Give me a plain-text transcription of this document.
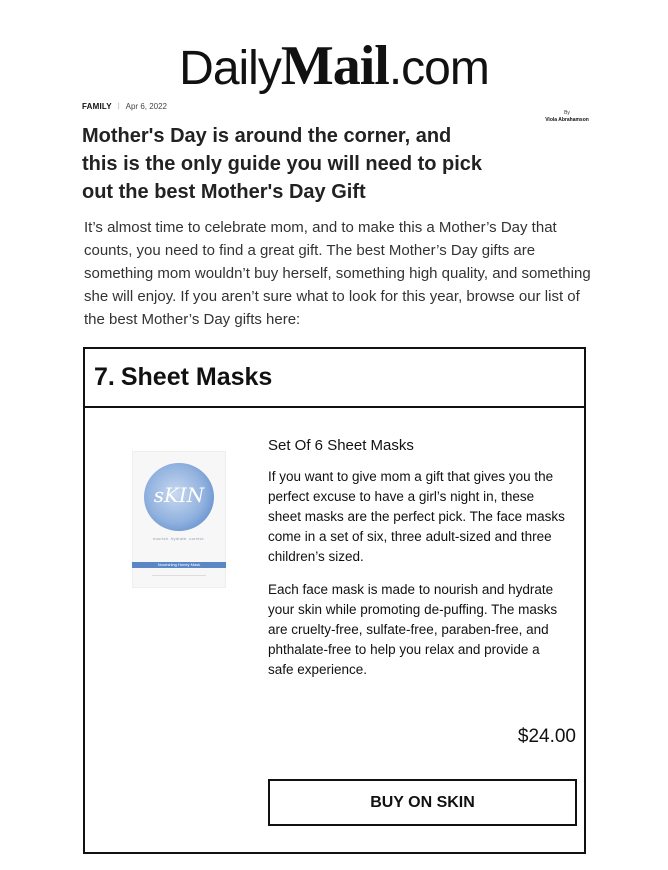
DailyMail.com
FAMILY | Apr 6, 2022
By
Viola Abrahamson
Mother's Day is around the corner, and this is the only guide you will need to pick out the best Mother's Day Gift

It’s almost time to celebrate mom, and to make this a Mother’s Day that counts, you need to find a great gift. The best Mother’s Day gifts are something mom wouldn’t buy herself, something high quality, and something she will enjoy. If you aren’t sure what to look for this year, browse our list of the best Mother’s Day gifts here:

7. Sheet Masks
sKIN
nourish. hydrate. correct.
Nourishing Honey Mask
Set Of 6 Sheet Masks

If you want to give mom a gift that gives you the perfect excuse to have a girl’s night in, these sheet masks are the perfect pick. The face masks come in a set of six, three adult-sized and three children’s sized.

Each face mask is made to nourish and hydrate your skin while promoting de-puffing. The masks are cruelty-free, sulfate-free, paraben-free, and phthalate-free to help you relax and provide a safe experience.

$24.00
BUY ON SKIN
